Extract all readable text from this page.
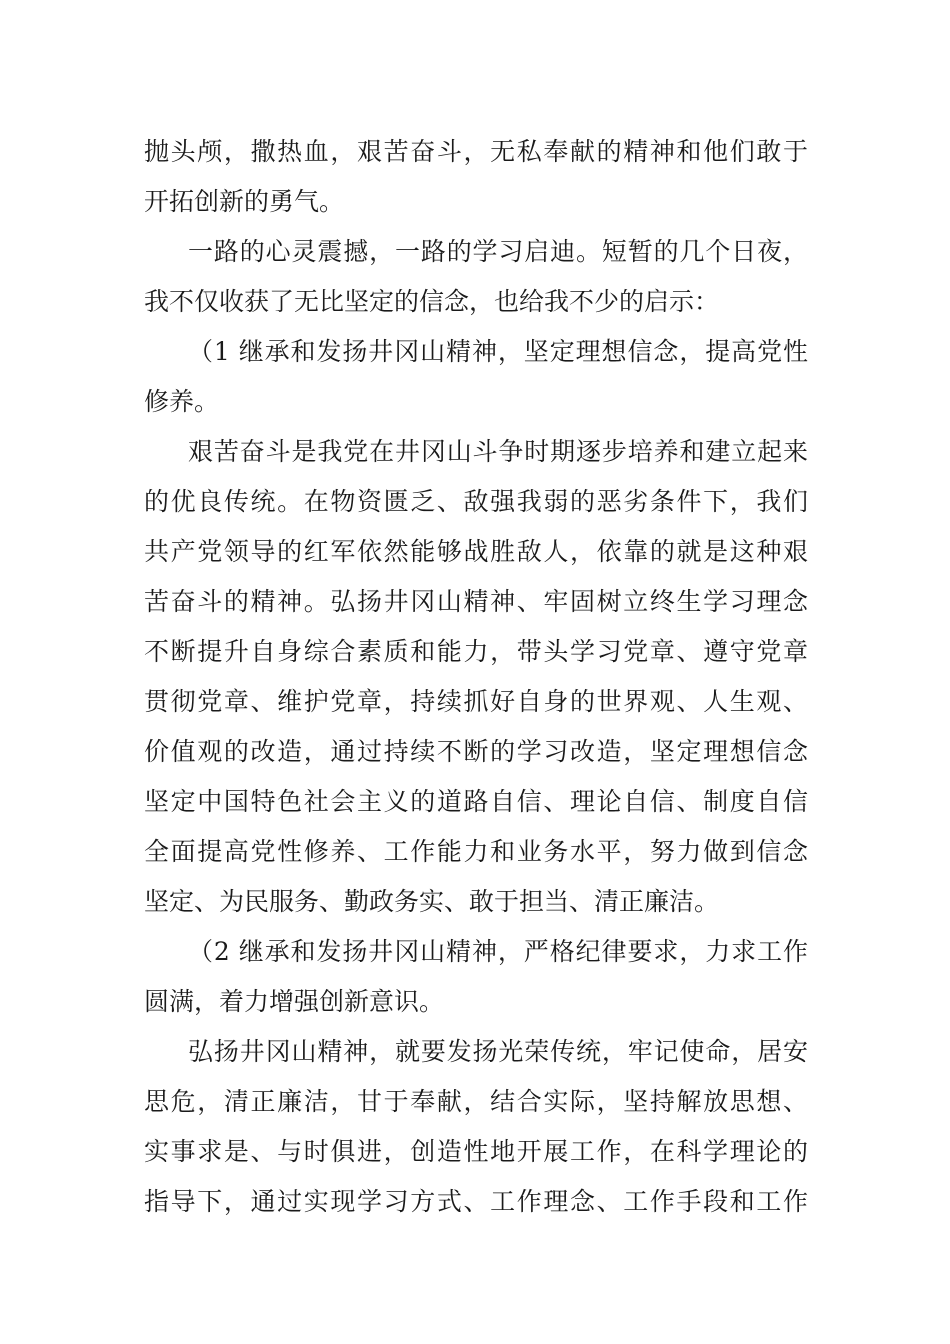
抛头颅，撒热血，艰苦奋斗，无私奉献的精神和他们敢于
开拓创新的勇气。
一路的心灵震撼，一路的学习启迪。短暂的几个日夜，
我不仅收获了无比坚定的信念，也给我不少的启示：
（1 继承和发扬井冈山精神，坚定理想信念，提高党性
修养。
艰苦奋斗是我党在井冈山斗争时期逐步培养和建立起来
的优良传统。在物资匮乏、敌强我弱的恶劣条件下，我们
共产党领导的红军依然能够战胜敌人，依靠的就是这种艰
苦奋斗的精神。弘扬井冈山精神、牢固树立终生学习理念
不断提升自身综合素质和能力，带头学习党章、遵守党章
贯彻党章、维护党章，持续抓好自身的世界观、人生观、
价值观的改造，通过持续不断的学习改造，坚定理想信念
坚定中国特色社会主义的道路自信、理论自信、制度自信
全面提高党性修养、工作能力和业务水平，努力做到信念
坚定、为民服务、勤政务实、敢于担当、清正廉洁。
（2 继承和发扬井冈山精神，严格纪律要求，力求工作
圆满，着力增强创新意识。
弘扬井冈山精神，就要发扬光荣传统，牢记使命，居安
思危，清正廉洁，甘于奉献，结合实际，坚持解放思想、
实事求是、与时俱进，创造性地开展工作，在科学理论的
指导下，通过实现学习方式、工作理念、工作手段和工作
